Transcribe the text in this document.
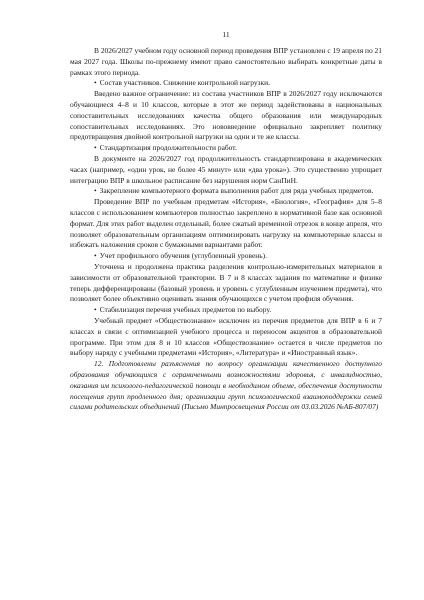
11

В 2026/2027 учебном году основной период проведения ВПР установлен с 19 апреля по 21 мая 2027 года. Школы по-прежнему имеют право самостоятельно выбирать конкретные даты в рамках этого периода.

• Состав участников. Снижение контрольной нагрузки.

Введено важное ограничение: из состава участников ВПР в 2026/2027 году исключаются обучающиеся 4–8 и 10 классов, которые в этот же период задействованы в национальных сопоставительных исследованиях качества общего образования или международных сопоставительных исследованиях. Это нововведение официально закрепляет политику предотвращения двойной контрольной нагрузки на одни и те же классы.

• Стандартизация продолжительности работ.

В документе на 2026/2027 год продолжительность стандартизирована в академических часах (например, «один урок, не более 45 минут» или «два урока»). Это существенно упрощает интеграцию ВПР в школьное расписание без нарушения норм СанПиН.

• Закрепление компьютерного формата выполнения работ для ряда учебных предметов.

Проведение ВПР по учебным предметам «История», «Биология», «География» для 5–8 классов с использованием компьютеров полностью закреплено в нормативной базе как основной формат. Для этих работ выделен отдельный, более сжатый временной отрезок в конце апреля, что позволяет образовательным организациям оптимизировать нагрузку на компьютерные классы и избежать наложения сроков с бумажными вариантами работ.

• Учет профильного обучения (углубленный уровень).

Уточнена и продолжена практика разделения контрольно-измерительных материалов в зависимости от образовательной траектории. В 7 и 8 классах задания по математике и физике теперь дифференцированы (базовый уровень и уровень с углубленным изучением предмета), что позволяет более объективно оценивать знания обучающихся с учетом профиля обучения.

• Стабилизация перечня учебных предметов по выбору.

Учебный предмет «Обществознание» исключен из перечня предметов для ВПР в 6 и 7 классах в связи с оптимизацией учебного процесса и переносом акцентов в образовательной программе. При этом для 8 и 10 классов «Обществознание» остается в числе предметов по выбору наряду с учебными предметами «История», «Литература» и «Иностранный язык».

12. Подготовлены разъяснения по вопросу организации качественного доступного образования обучающихся с ограниченными возможностями здоровья, с инвалидностью, оказания им психолого-педагогической помощи в необходимом объеме, обеспечения доступности посещения групп продленного дня; организации групп психологической взаимоподдержки семей силами родительских объединений (Письмо Минпросвещения России от 03.03.2026 №АБ-807/07)
